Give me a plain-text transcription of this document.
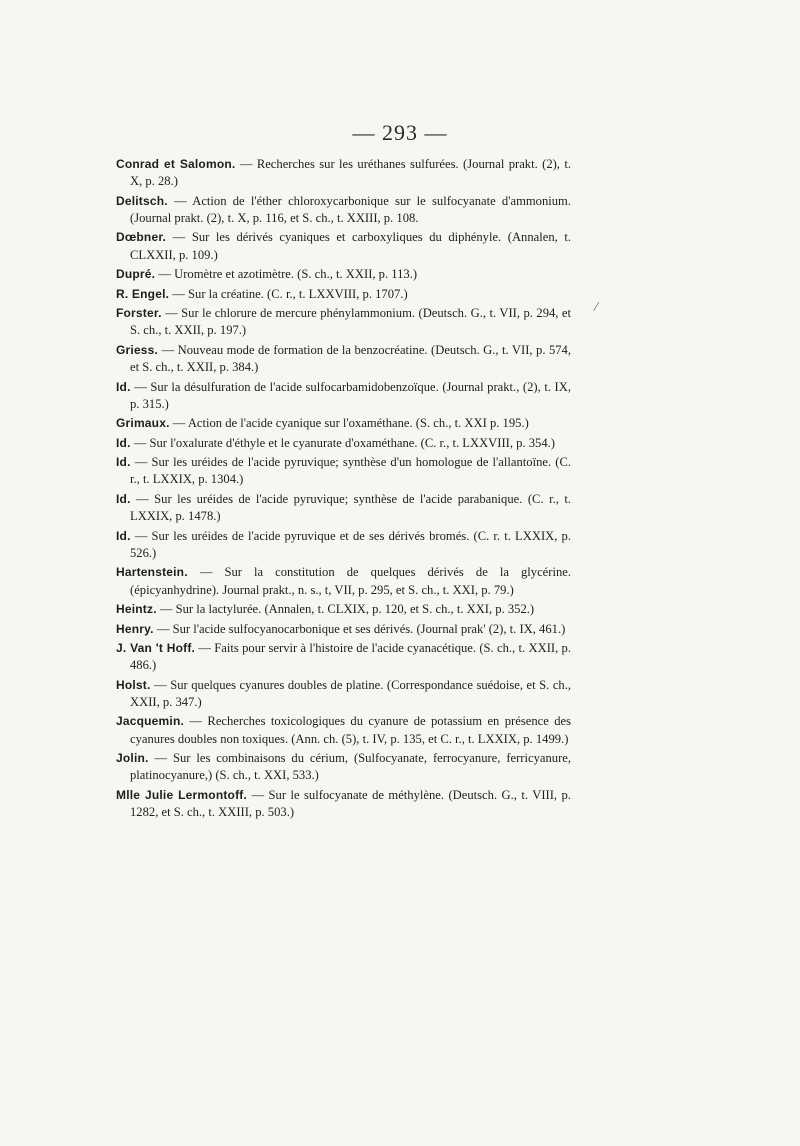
— 293 —
/

Conrad et Salomon. — Recherches sur les uréthanes sulfurées. (Journal prakt. (2), t. X, p. 28.)

Delitsch. — Action de l'éther chloroxycarbonique sur le sulfocyanate d'ammonium. (Journal prakt. (2), t. X, p. 116, et S. ch., t. XXIII, p. 108.

Dœbner. — Sur les dérivés cyaniques et carboxyliques du diphényle. (Annalen, t. CLXXII, p. 109.)

Dupré. — Uromètre et azotimètre. (S. ch., t. XXII, p. 113.)

R. Engel. — Sur la créatine. (C. r., t. LXXVIII, p. 1707.)

Forster. — Sur le chlorure de mercure phénylammonium. (Deutsch. G., t. VII, p. 294, et S. ch., t. XXII, p. 197.)

Griess. — Nouveau mode de formation de la benzocréatine. (Deutsch. G., t. VII, p. 574, et S. ch., t. XXII, p. 384.)

Id. — Sur la désulfuration de l'acide sulfocarbamidobenzoïque. (Journal prakt., (2), t. IX, p. 315.)

Grimaux. — Action de l'acide cyanique sur l'oxaméthane. (S. ch., t. XXI p. 195.)

Id. — Sur l'oxalurate d'éthyle et le cyanurate d'oxaméthane. (C. r., t. LXXVIII, p. 354.)

Id. — Sur les uréides de l'acide pyruvique; synthèse d'un homologue de l'allantoïne. (C. r., t. LXXIX, p. 1304.)

Id. — Sur les uréides de l'acide pyruvique; synthèse de l'acide parabanique. (C. r., t. LXXIX, p. 1478.)

Id. — Sur les uréides de l'acide pyruvique et de ses dérivés bromés. (C. r. t. LXXIX, p. 526.)

Hartenstein. — Sur la constitution de quelques dérivés de la glycérine. (épicyanhydrine). Journal prakt., n. s., t, VII, p. 295, et S. ch., t. XXI, p. 79.)

Heintz. — Sur la lactylurée. (Annalen, t. CLXIX, p. 120, et S. ch., t. XXI, p. 352.)

Henry. — Sur l'acide sulfocyanocarbonique et ses dérivés. (Journal prak' (2), t. IX, 461.)

J. Van 't Hoff. — Faits pour servir à l'histoire de l'acide cyanacétique. (S. ch., t. XXII, p. 486.)

Holst. — Sur quelques cyanures doubles de platine. (Correspondance suédoise, et S. ch., XXII, p. 347.)

Jacquemin. — Recherches toxicologiques du cyanure de potassium en présence des cyanures doubles non toxiques. (Ann. ch. (5), t. IV, p. 135, et C. r., t. LXXIX, p. 1499.)

Jolin. — Sur les combinaisons du cérium, (Sulfocyanate, ferrocyanure, ferricyanure, platinocyanure,) (S. ch., t. XXI, 533.)

Mlle Julie Lermontoff. — Sur le sulfocyanate de méthylène. (Deutsch. G., t. VIII, p. 1282, et S. ch., t. XXIII, p. 503.)
